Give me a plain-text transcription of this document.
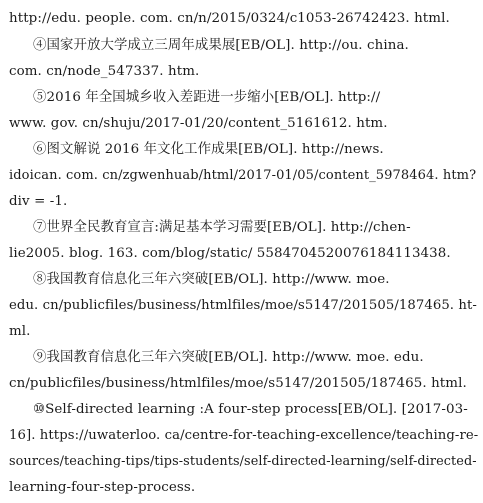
http://edu. people. com. cn/n/2015/0324/c1053-26742423. html.
④国家开放大学成立三周年成果展[EB/OL]. http://ou. china.
com. cn/node_547337. htm.
⑤2016 年全国城乡收入差距进一步缩小[EB/OL]. http://
www. gov. cn/shuju/2017-01/20/content_5161612. htm.
⑥图文解说 2016 年文化工作成果[EB/OL]. http://news.
idoican. com. cn/zgwenhuab/html/2017-01/05/content_5978464. htm?
div = -1.
⑦世界全民教育宣言:满足基本学习需要[EB/OL]. http://chen-
lie2005. blog. 163. com/blog/static/ 5584704520076184113438.
⑧我国教育信息化三年六突破[EB/OL]. http://www. moe.
edu. cn/publicfiles/business/htmlfiles/moe/s5147/201505/187465. ht-
ml.
⑨我国教育信息化三年六突破[EB/OL]. http://www. moe. edu.
cn/publicfiles/business/htmlfiles/moe/s5147/201505/187465. html.
⑩Self-directed learning :A four-step process[EB/OL]. [2017-03-
16]. https://uwaterloo. ca/centre-for-teaching-excellence/teaching-re-
sources/teaching-tips/tips-students/self-directed-learning/self-directed-
learning-four-step-process.
